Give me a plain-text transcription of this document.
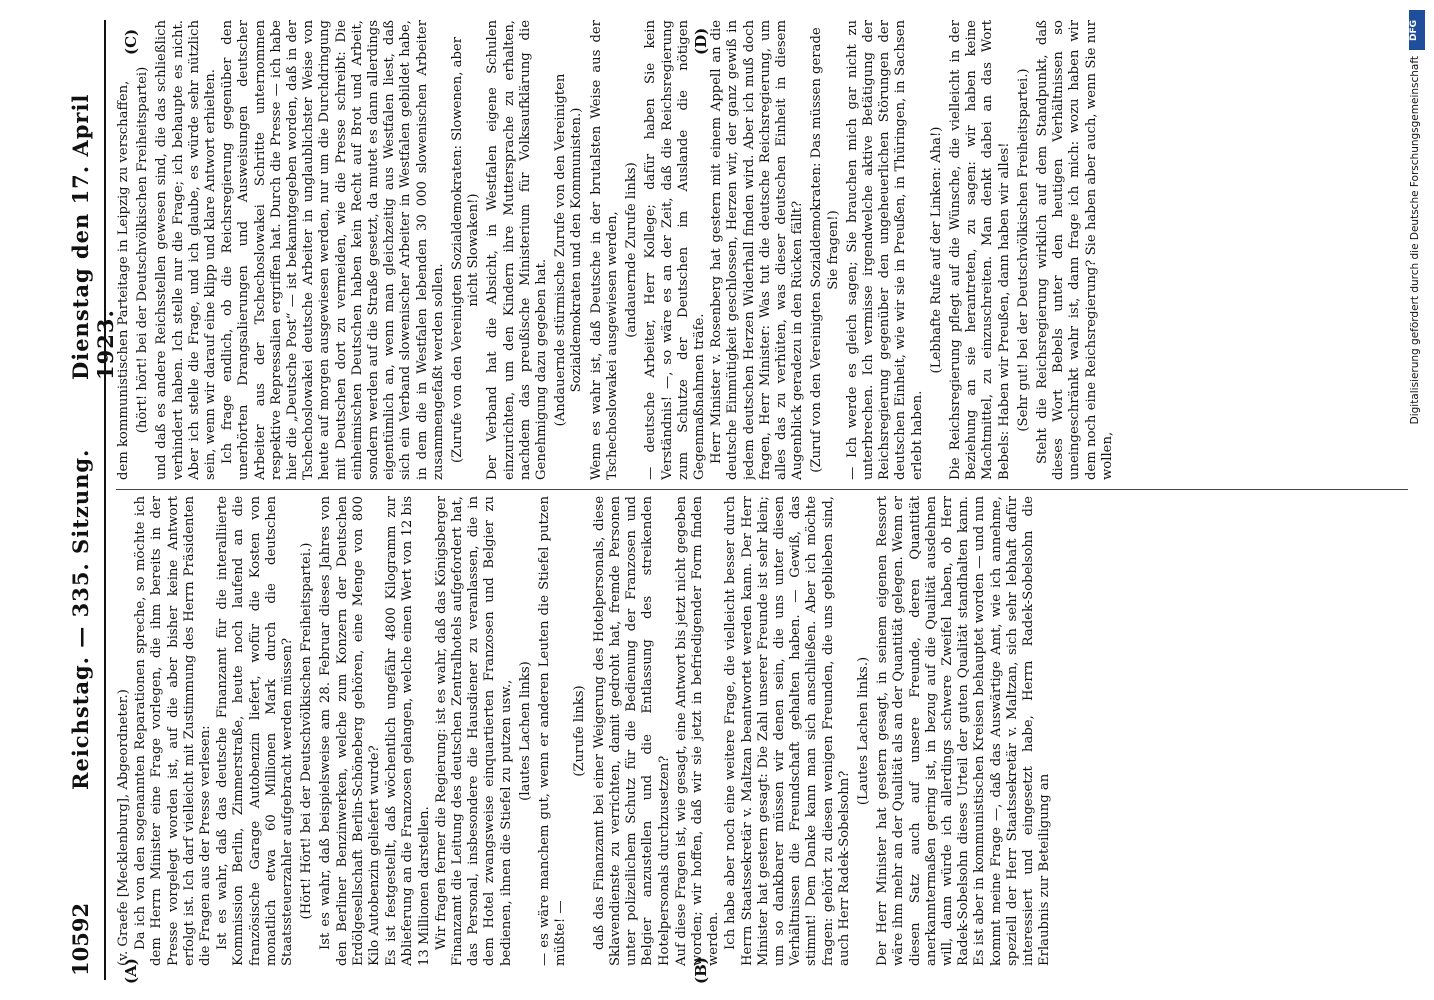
10592
Reichstag. — 335. Sitzung.
Dienstag den 17. April 1923.
(A)	(B)
(C)	(D)

(v. Graefe [Mecklenburg], Abgeordneter.) Da ich von den sogenannten Reparationen spreche, so möchte ich dem Herrn Minister eine Frage vorlegen, die ihm bereits in der Presse vorgelegt worden ist, auf die aber bisher keine Antwort erfolgt ist. Ich darf vielleicht mit Zustimmung des Herrn Präsidenten die Fragen aus der Presse verlesen: Ist es wahr, daß das deutsche Finanzamt für die interalliierte Kommission Berlin, Zimmerstraße, heute noch laufend an die französische Garage Autobenzin liefert, wofür die Kosten von monatlich etwa 60 Millionen Mark durch die deutschen Staatssteuerzahler aufgebracht werden müssen? (Hört! Hört! bei der Deutschvölkischen Freiheitspartei.) Ist es wahr, daß beispielsweise am 28. Februar dieses Jahres von den Berliner Benzinwerken, welche zum Konzern der Deutschen Erdölgesellschaft Berlin-Schöneberg gehören, eine Menge von 800 Kilo Autobenzin geliefert wurde? Es ist festgestellt, daß wöchentlich ungefähr 4800 Kilogramm zur Ablieferung an die Franzosen gelangen, welche einen Wert von 12 bis 13 Millionen darstellen. Wir fragen ferner die Regierung: ist es wahr, daß das Königsberger Finanzamt die Leitung des deutschen Zentralhotels aufgefordert hat, das Personal, insbesondere die Hausdiener zu veranlassen, die in dem Hotel zwangsweise einquartierten Franzosen und Belgier zu bedienen, ihnen die Stiefel zu putzen usw., (lautes Lachen links) — es wäre manchem gut, wenn er anderen Leuten die Stiefel putzen müßte! —

(Zurufe links) daß das Finanzamt bei einer Weigerung des Hotelpersonals, diese Sklavendienste zu verrichten, damit gedroht hat, fremde Personen unter polizeilichem Schutz für die Bedienung der Franzosen und Belgier anzustellen und die Entlassung des streikenden Hotelpersonals durchzusetzen? Auf diese Fragen ist, wie gesagt, eine Antwort bis jetzt nicht gegeben worden; wir hoffen, daß wir sie jetzt in befriedigender Form finden werden. Ich habe aber noch eine weitere Frage, die vielleicht besser durch Herrn Staatssekretär v. Maltzan beantwortet werden kann. Der Herr Minister hat gestern gesagt: Die Zahl unserer Freunde ist sehr klein; um so dankbarer müssen wir denen sein, die uns unter diesen Verhältnissen die Freundschaft gehalten haben. — Gewiß, das stimmt! Dem Danke kann man sich anschließen. Aber ich möchte fragen: gehört zu diesen wenigen Freunden, die uns geblieben sind, auch Herr Radek-Sobelsohn?

(Lautes Lachen links.) Der Herr Minister hat gestern gesagt, in seinem eigenen Ressort wäre ihm mehr an der Qualität als an der Quantität gelegen. Wenn er diesen Satz auch auf unsere Freunde, deren Quantität anerkanntermaßen gering ist, in bezug auf die Qualität ausdehnen will, dann würde ich allerdings schwere Zweifel haben, ob Herr Radek-Sobelsohn dieses Urteil der guten Qualität standhalten kann. Es ist aber in kommunistischen Kreisen behauptet worden — und nun kommt meine Frage —, daß das Auswärtige Amt, wie ich annehme, speziell der Herr Staatssekretär v. Maltzan, sich sehr lebhaft dafür interessiert und eingesetzt habe, Herrn Radek-Sobelsohn die Erlaubnis zur Beteiligung an

dem kommunistischen Parteitage in Leipzig zu verschaffen, (hört! hört! bei der Deutschvölkischen Freiheitspartei) und daß es andere Reichsstellen gewesen sind, die das schließlich verhindert haben. Ich stelle nur die Frage; ich behaupte es nicht. Aber ich stelle die Frage, und ich glaube, es würde sehr nützlich sein, wenn wir darauf eine klipp und klare Antwort erhielten. Ich frage endlich, ob die Reichsregierung gegenüber den unerhörten Drangsalierungen und Ausweisungen deutscher Arbeiter aus der Tschechoslowakei Schritte unternommen respektive Repressalien ergriffen hat. Durch die Presse — ich habe hier die „Deutsche Post“ — ist bekanntgegeben worden, daß in der Tschechoslowakei deutsche Arbeiter in unglaublichster Weise von heute auf morgen ausgewiesen werden, nur um die Durchdringung mit Deutschen dort zu vermeiden, wie die Presse schreibt: Die einheimischen Deutschen haben kein Recht auf Brot und Arbeit, sondern werden auf die Straße gesetzt, da mutet es dann allerdings eigentümlich an, wenn man gleichzeitig aus Westfalen liest, daß sich ein Verband slowenischer Arbeiter in Westfalen gebildet habe, in dem die in Westfalen lebenden 30 000 slowenischen Arbeiter zusammengefaßt werden sollen. (Zurufe von den Vereinigten Sozialdemokraten: Slowenen, aber nicht Slowaken!) Der Verband hat die Absicht, in Westfalen eigene Schulen einzurichten, um den Kindern ihre Muttersprache zu erhalten, nachdem das preußische Ministerium für Volksaufklärung die Genehmigung dazu gegeben hat. (Andauernde stürmische Zurufe von den Vereinigten Sozialdemokraten und den Kommunisten.) Wenn es wahr ist, daß Deutsche in der brutalsten Weise aus der Tschechoslowakei ausgewiesen werden, (andauernde Zurufe links) — deutsche Arbeiter, Herr Kollege; dafür haben Sie kein Verständnis! —, so wäre es an der Zeit, daß die Reichsregierung zum Schutze der Deutschen im Auslande die nötigen Gegenmaßnahmen träfe. Herr Minister v. Rosenberg hat gestern mit einem Appell an die deutsche Einmütigkeit geschlossen, Herzen wir, der ganz gewiß in jedem deutschen Herzen Widerhall finden wird. Aber ich muß doch fragen, Herr Minister: Was tut die deutsche Reichsregierung, um alles das zu verhüten, was dieser deutschen Einheit in diesem Augenblick geradezu in den Rücken fällt? (Zuruf von den Vereinigten Sozialdemokraten: Das müssen gerade Sie fragen!) — Ich werde es gleich sagen; Sie brauchen mich gar nicht zu unterbrechen. Ich vermisse irgendwelche aktive Betätigung der Reichsregierung gegenüber den ungeheuerlichen Störungen der deutschen Einheit, wie wir sie in Preußen, in Thüringen, in Sachsen erlebt haben.

(Lebhafte Rufe auf der Linken: Aha!) Die Reichsregierung pflegt auf die Wünsche, die vielleicht in der Beziehung an sie herantreten, zu sagen: wir haben keine Machtmittel, zu einzuschreiten. Man denkt dabei an das Wort Bebels: Haben wir Preußen, dann haben wir alles! (Sehr gut! bei der Deutschvölkischen Freiheitspartei.) Steht die Reichsregierung wirklich auf dem Standpunkt, daß dieses Wort Bebels unter den heutigen Verhältnissen so uneingeschränkt wahr ist, dann frage ich mich: wozu haben wir dem noch eine Reichsregierung? Sie haben aber auch, wenn Sie nur wollen,

DFG
Digitalisierung gefördert durch die Deutsche Forschungsgemeinschaft
